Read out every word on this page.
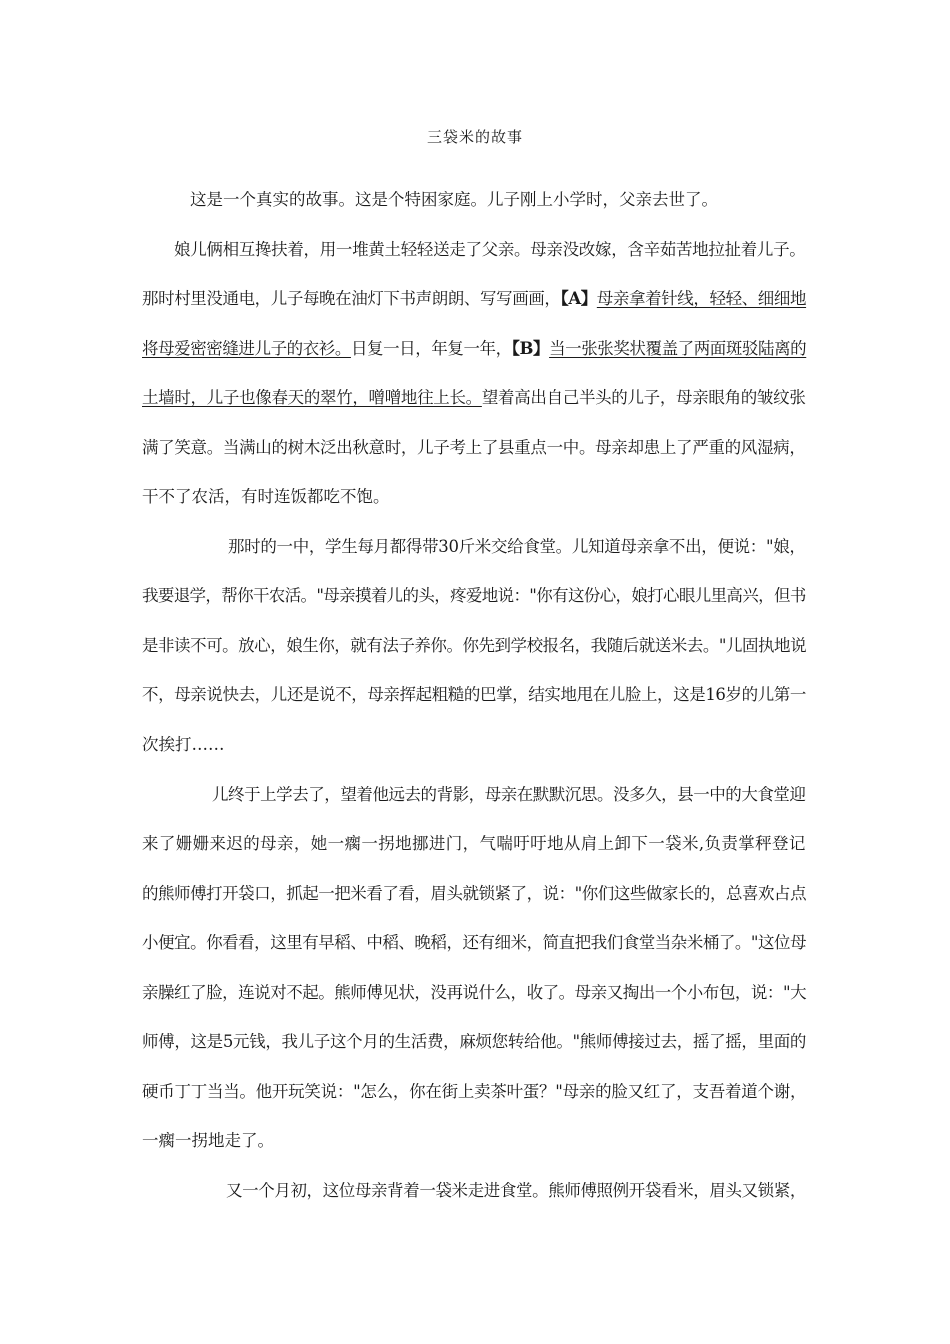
三袋米的故事
这是一个真实的故事。这是个特困家庭。儿子刚上小学时，父亲去世了。
娘儿俩相互搀扶着，用一堆黄土轻轻送走了父亲。母亲没改嫁，含辛茹苦地拉扯着儿子。
那时村里没通电，儿子每晚在油灯下书声朗朗、写写画画，【A】母亲拿着针线，轻轻、细细地
将母爱密密缝进儿子的衣衫。日复一日，年复一年，【B】当一张张奖状覆盖了两面斑驳陆离的
土墙时，儿子也像春天的翠竹，噌噌地往上长。望着高出自己半头的儿子，母亲眼角的皱纹张
满了笑意。当满山的树木泛出秋意时，儿子考上了县重点一中。母亲却患上了严重的风湿病，
干不了农活，有时连饭都吃不饱。
那时的一中，学生每月都得带30斤米交给食堂。儿知道母亲拿不出，便说："娘，
我要退学，帮你干农活。"母亲摸着儿的头，疼爱地说："你有这份心，娘打心眼儿里高兴，但书
是非读不可。放心，娘生你，就有法子养你。你先到学校报名，我随后就送米去。"儿固执地说
不，母亲说快去，儿还是说不，母亲挥起粗糙的巴掌，结实地甩在儿脸上，这是16岁的儿第一
次挨打……
儿终于上学去了，望着他远去的背影，母亲在默默沉思。没多久，县一中的大食堂迎
来了姗姗来迟的母亲，她一瘸一拐地挪进门，气喘吁吁地从肩上卸下一袋米,负责掌秤登记
的熊师傅打开袋口，抓起一把米看了看，眉头就锁紧了，说："你们这些做家长的，总喜欢占点
小便宜。你看看，这里有早稻、中稻、晚稻，还有细米，简直把我们食堂当杂米桶了。"这位母
亲臊红了脸，连说对不起。熊师傅见状，没再说什么，收了。母亲又掏出一个小布包，说："大
师傅，这是5元钱，我儿子这个月的生活费，麻烦您转给他。"熊师傅接过去，摇了摇，里面的
硬币丁丁当当。他开玩笑说："怎么，你在街上卖茶叶蛋？"母亲的脸又红了，支吾着道个谢，
一瘸一拐地走了。
又一个月初，这位母亲背着一袋米走进食堂。熊师傅照例开袋看米，眉头又锁紧，
